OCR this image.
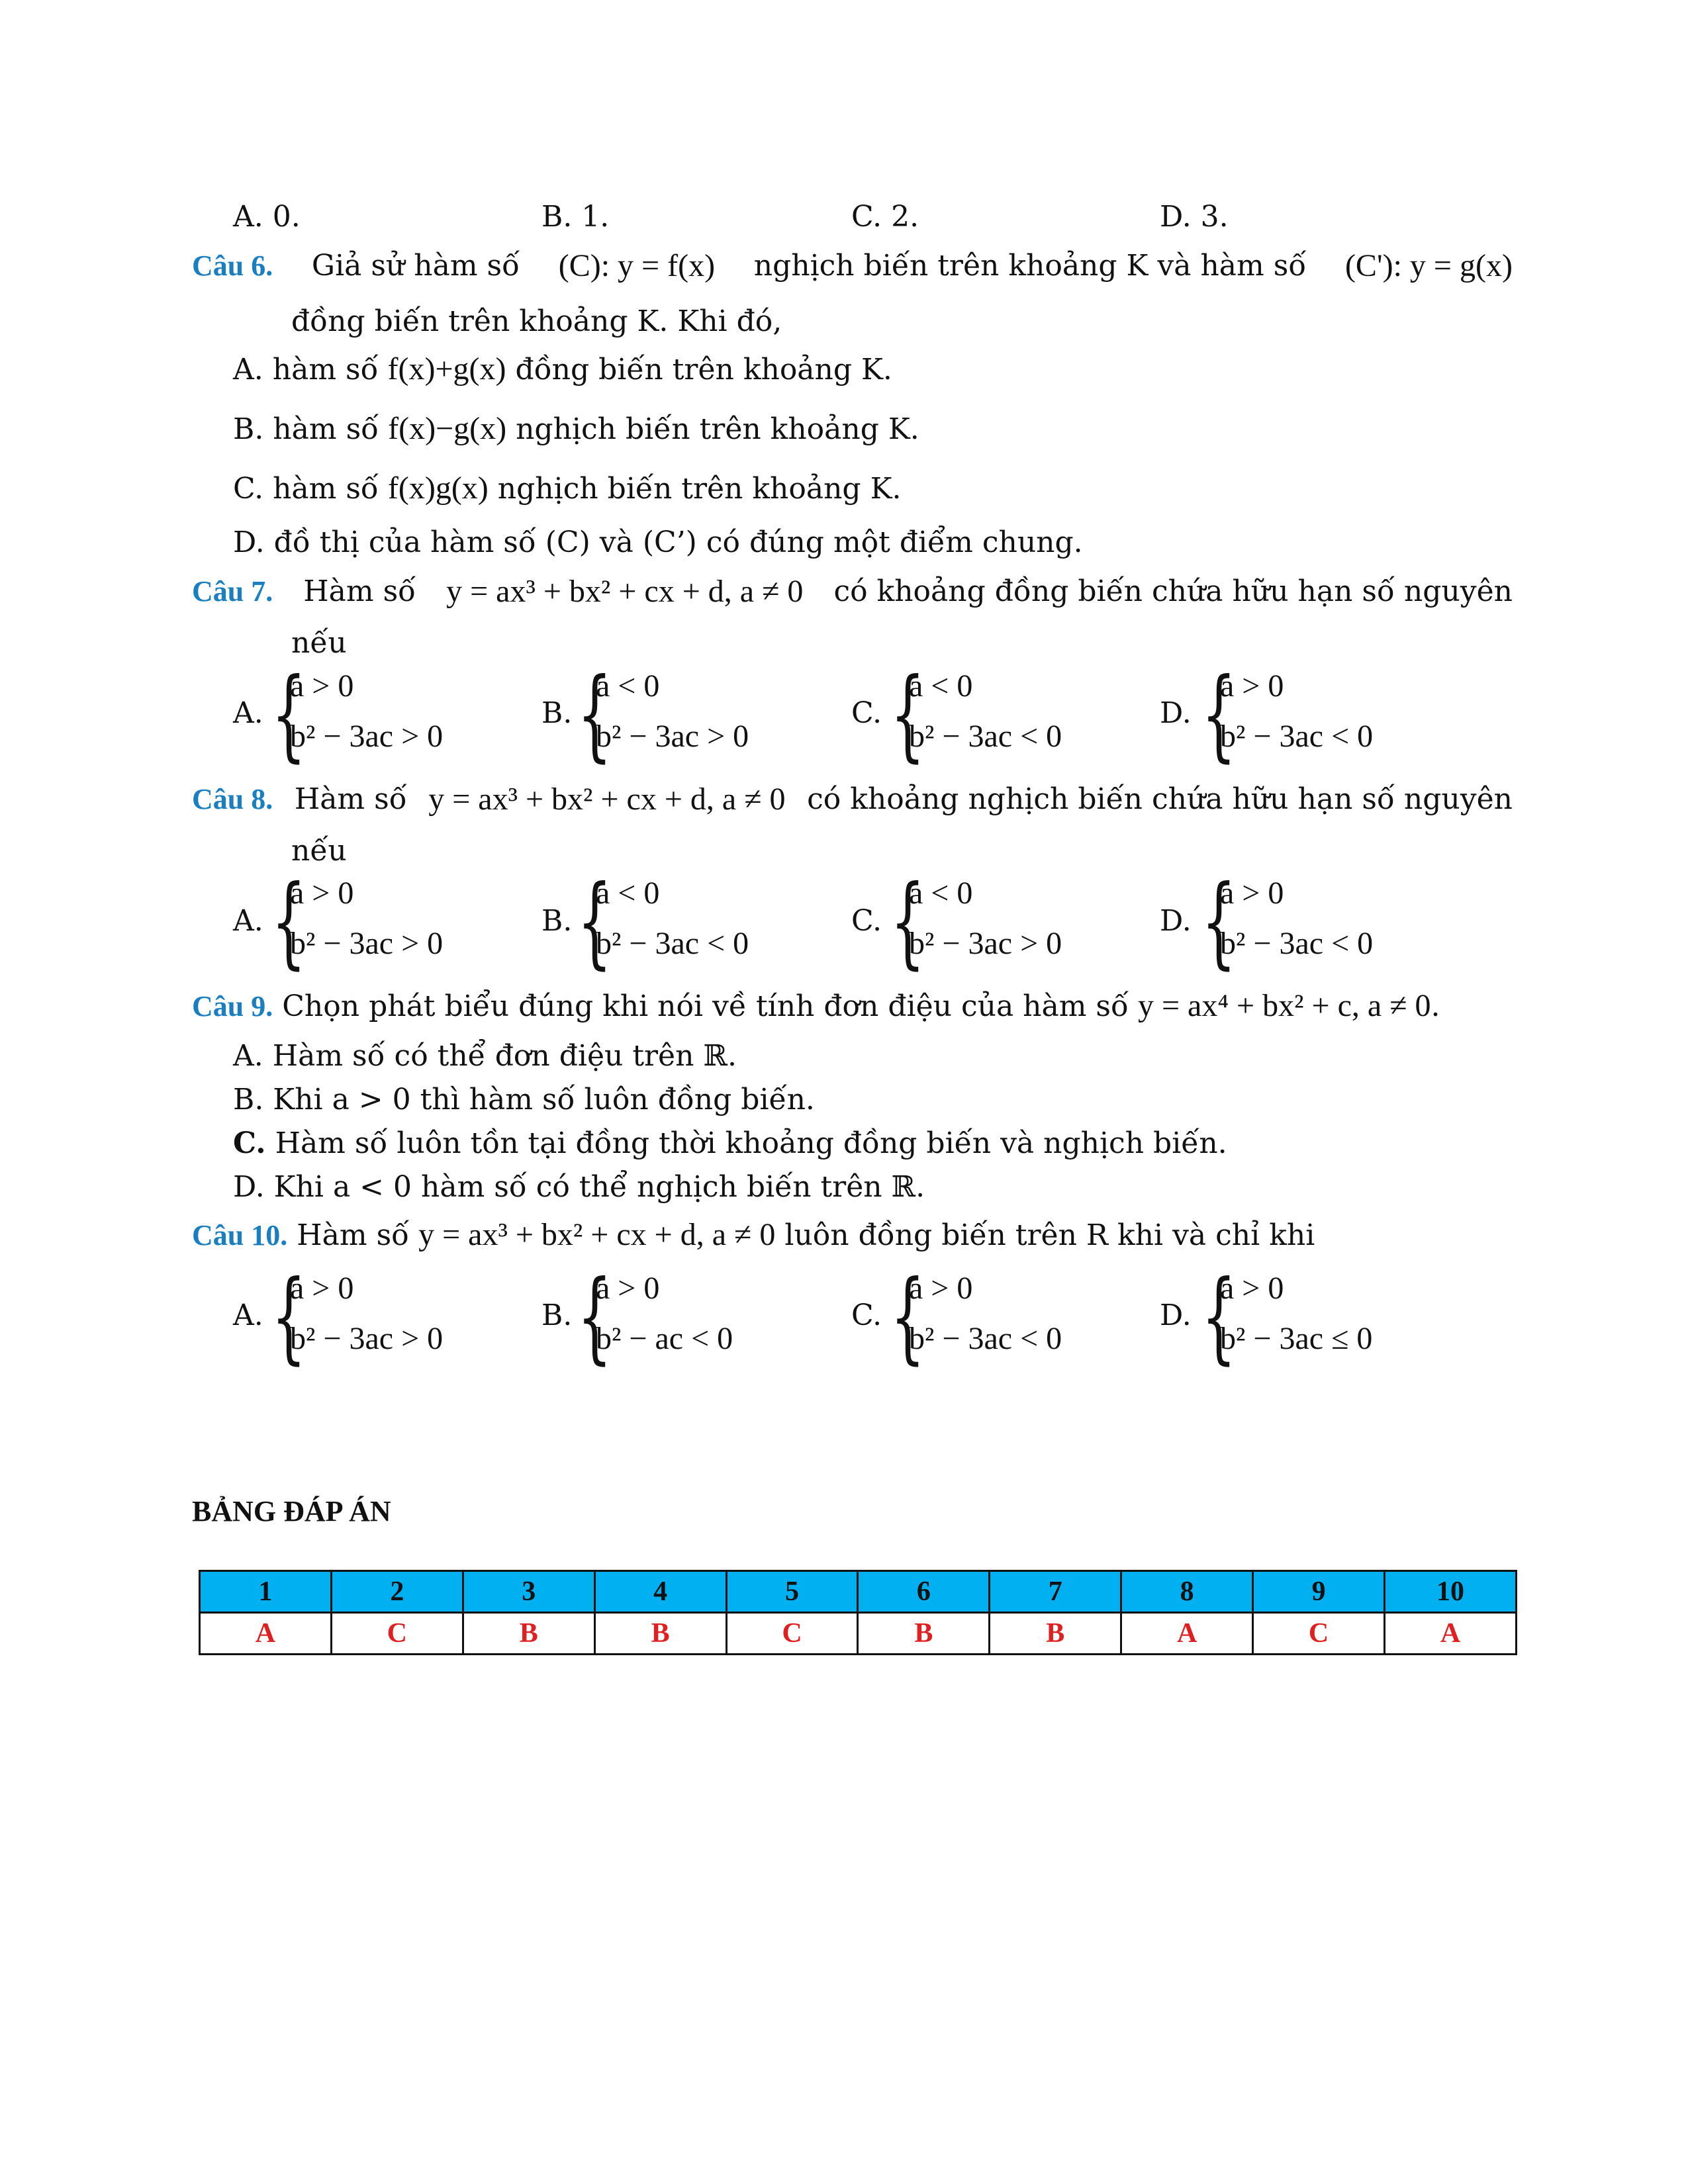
A. 0.	B. 1.	C. 2.	D. 3.
Câu 6. Giả sử hàm số (C): y = f(x) nghịch biến trên khoảng K và hàm số (C'): y = g(x)
đồng biến trên khoảng K. Khi đó,
A. hàm số f(x)+g(x) đồng biến trên khoảng K.
B. hàm số f(x)−g(x) nghịch biến trên khoảng K.
C. hàm số f(x)g(x) nghịch biến trên khoảng K.
D. đồ thị của hàm số (C) và (C’) có đúng một điểm chung.
Câu 7. Hàm số y = ax³ + bx² + cx + d, a ≠ 0 có khoảng đồng biến chứa hữu hạn số nguyên
nếu
A. {
a > 0
b² − 3ac > 0
B. {
a < 0
b² − 3ac > 0
C. {
a < 0
b² − 3ac < 0
D. {
a > 0
b² − 3ac < 0
Câu 8. Hàm số y = ax³ + bx² + cx + d, a ≠ 0 có khoảng nghịch biến chứa hữu hạn số nguyên
nếu
A. {
a > 0
b² − 3ac > 0
B. {
a < 0
b² − 3ac < 0
C. {
a < 0
b² − 3ac > 0
D. {
a > 0
b² − 3ac < 0
Câu 9. Chọn phát biểu đúng khi nói về tính đơn điệu của hàm số y = ax⁴ + bx² + c, a ≠ 0.
A. Hàm số có thể đơn điệu trên ℝ.
B. Khi a > 0 thì hàm số luôn đồng biến.
C. Hàm số luôn tồn tại đồng thời khoảng đồng biến và nghịch biến.
D. Khi a < 0 hàm số có thể nghịch biến trên ℝ.
Câu 10. Hàm số y = ax³ + bx² + cx + d, a ≠ 0 luôn đồng biến trên R khi và chỉ khi
A. {
a > 0
b² − 3ac > 0
B. {
a > 0
b² − ac < 0
C. {
a > 0
b² − 3ac < 0
D. {
a > 0
b² − 3ac ≤ 0
BẢNG ĐÁP ÁN
1	2	3	4	5	6	7	8	9	10
A	C	B	B	C	B	B	A	C	A
